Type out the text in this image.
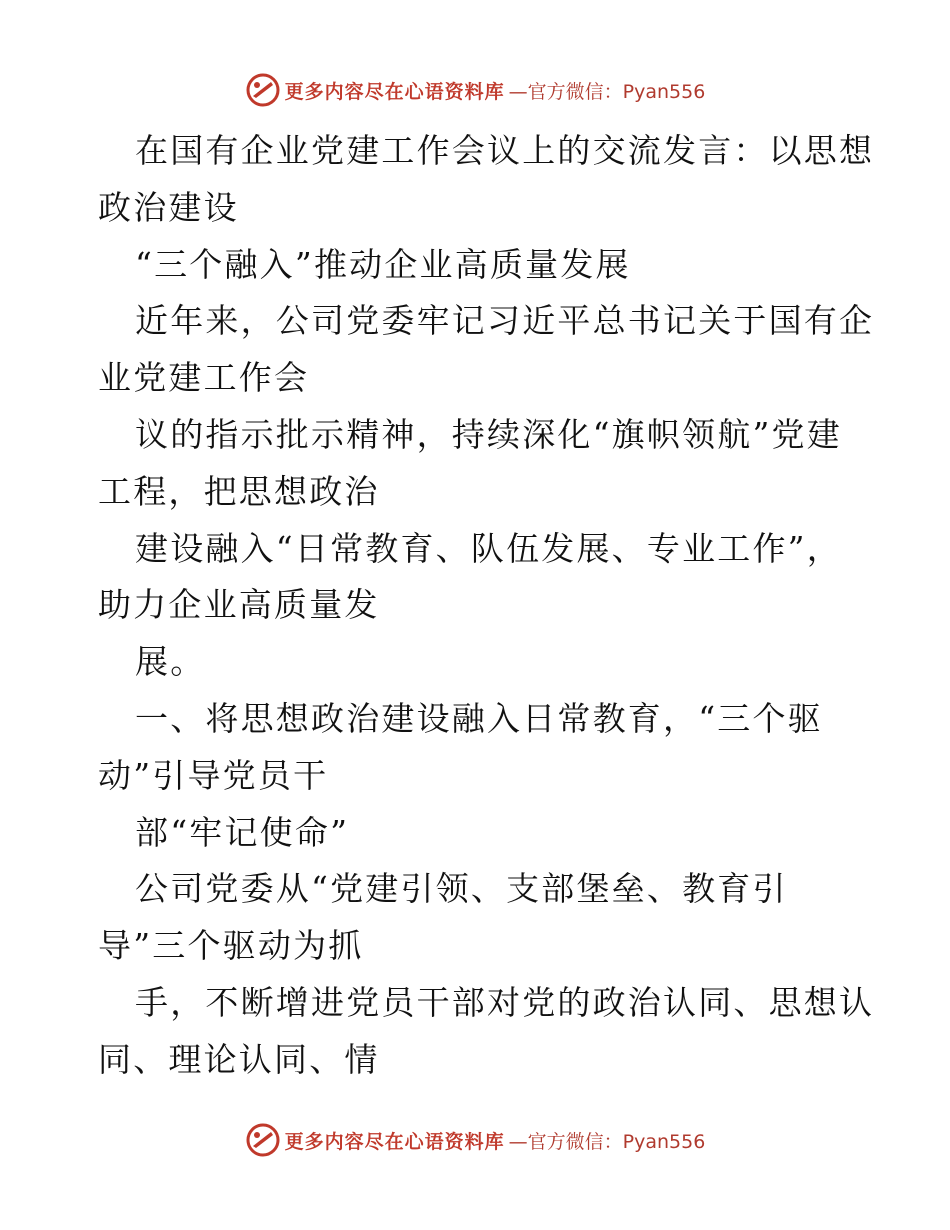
更多内容尽在心语资料库 —官方微信：Pyan556
在国有企业党建工作会议上的交流发言：以思想
政治建设
“三个融入”推动企业高质量发展
近年来，公司党委牢记习近平总书记关于国有企
业党建工作会
议的指示批示精神，持续深化“旗帜领航”党建
工程，把思想政治
建设融入“日常教育、队伍发展、专业工作”，
助力企业高质量发
展。
一、将思想政治建设融入日常教育，“三个驱
动”引导党员干
部“牢记使命”
公司党委从“党建引领、支部堡垒、教育引
导”三个驱动为抓
手，不断增进党员干部对党的政治认同、思想认
同、理论认同、情
更多内容尽在心语资料库 —官方微信：Pyan556
